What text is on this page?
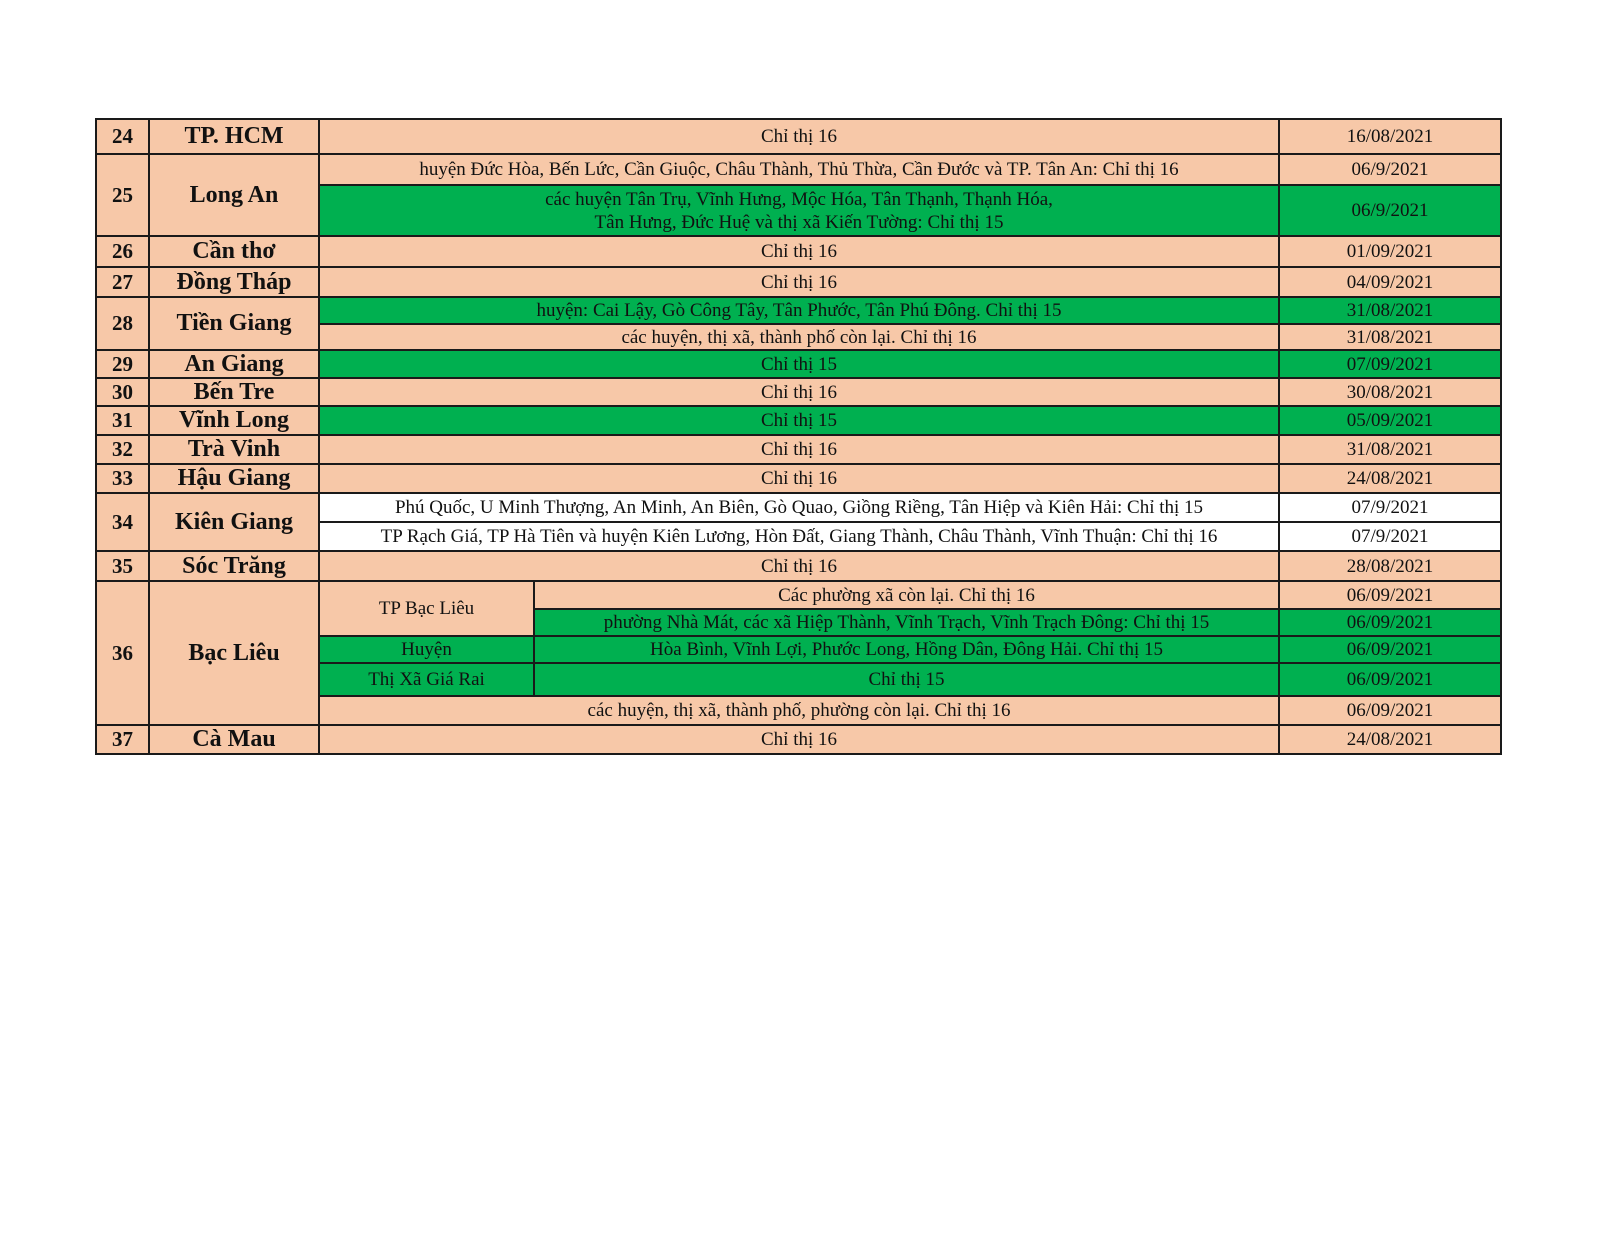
24	TP. HCM	Chỉ thị 16		16/08/2021
25	Long An	huyện Đức Hòa, Bến Lức, Cần Giuộc, Châu Thành, Thủ Thừa, Cần Đước và TP. Tân An: Chỉ thị 16		06/9/2021

		các huyện Tân Trụ, Vĩnh Hưng, Mộc Hóa, Tân Thạnh, Thạnh Hóa,
Tân Hưng, Đức Huệ và thị xã Kiến Tường: Chỉ thị 15		06/9/2021
26	Cần thơ	Chỉ thị 16		01/09/2021
27	Đồng Tháp	Chỉ thị 16		04/09/2021
28	Tiền Giang	huyện: Cai Lậy, Gò Công Tây, Tân Phước, Tân Phú Đông. Chỉ thị 15		31/08/2021
		các huyện, thị xã, thành phố còn lại. Chỉ thị 16		31/08/2021
29	An Giang	Chỉ thị 15		07/09/2021
30	Bến Tre	Chỉ thị 16		30/08/2021
31	Vĩnh Long	Chỉ thị 15		05/09/2021
32	Trà Vinh	Chỉ thị 16		31/08/2021
33	Hậu Giang	Chỉ thị 16		24/08/2021
34	Kiên Giang	Phú Quốc, U Minh Thượng, An Minh, An Biên, Gò Quao, Giồng Riềng, Tân Hiệp và Kiên Hải: Chỉ thị 15		07/9/2021
		TP Rạch Giá, TP Hà Tiên và huyện Kiên Lương, Hòn Đất, Giang Thành, Châu Thành, Vĩnh Thuận: Chỉ thị 16		07/9/2021
35	Sóc Trăng	Chỉ thị 16		28/08/2021
36	Bạc Liêu	TP Bạc Liêu	Các phường xã còn lại. Chỉ thị 16	06/09/2021
			phường Nhà Mát, các xã Hiệp Thành, Vĩnh Trạch, Vĩnh Trạch Đông: Chỉ thị 15	06/09/2021
		Huyện	Hòa Bình, Vĩnh Lợi, Phước Long, Hồng Dân, Đông Hải. Chỉ thị 15	06/09/2021
		Thị Xã Giá Rai	Chỉ thị 15	06/09/2021
		các huyện, thị xã, thành phố, phường còn lại. Chỉ thị 16		06/09/2021
37	Cà Mau	Chỉ thị 16		24/08/2021
